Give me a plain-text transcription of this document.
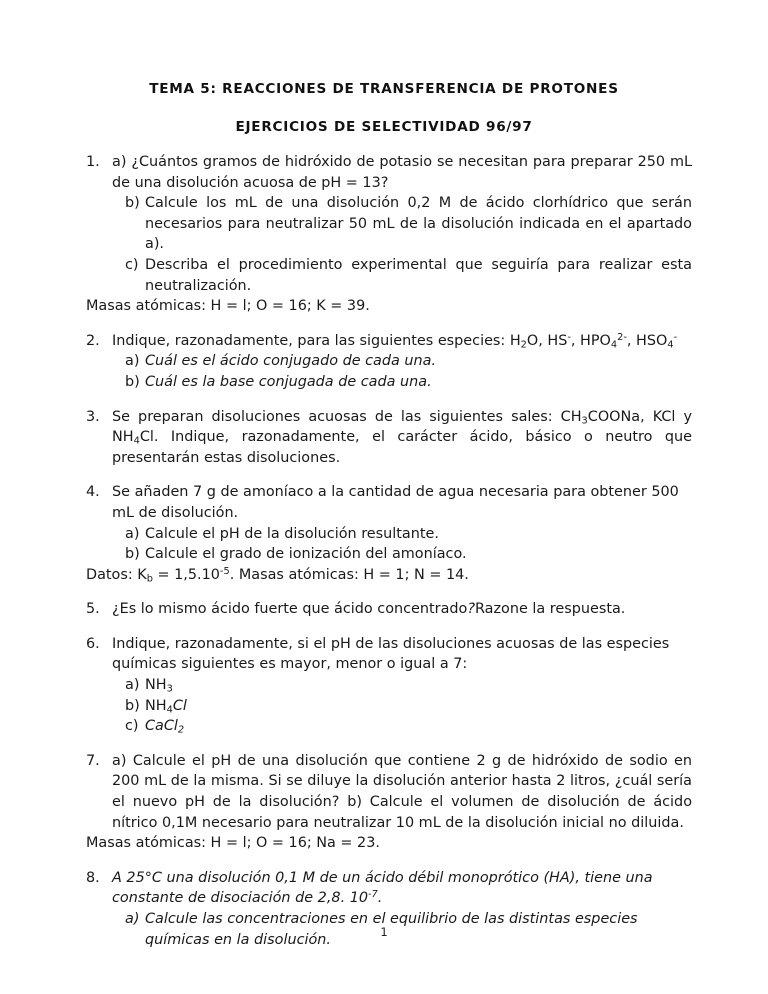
TEMA 5: REACCIONES DE TRANSFERENCIA DE PROTONES
EJERCICIOS DE SELECTIVIDAD 96/97
1. a) ¿Cuántos gramos de hidróxido de potasio se necesitan para preparar 250 mL de una disolución acuosa de pH = 13?

b) Calcule los mL de una disolución 0,2 M de ácido clorhídrico que serán necesarios para neutralizar 50 mL de la disolución indicada en el apartado a).
c) Describa el procedimiento experimental que seguiría para realizar esta neutralización.
Masas atómicas: H = l; O = 16; K = 39.
2. Indique, razonadamente, para las siguientes especies: $H_2O$, HS-, $HPO_4^{2-}$, $HSO_4^-$

a) Cuál es el ácido conjugado de cada una.
b) Cuál es la base conjugada de cada una.
3. Se preparan disoluciones acuosas de las siguientes sales: $CH_3COONa$, KCl y $NH_4Cl$. Indique, razonadamente, el carácter ácido, básico o neutro que presentarán estas disoluciones.

4. Se añaden 7 g de amoníaco a la cantidad de agua necesaria para obtener 500 mL de disolución.

a) Calcule el pH de la disolución resultante.
b) Calcule el grado de ionización del amoníaco.
Datos: $K_b = 1,5.10^{-5}$. Masas atómicas: H = 1; N = 14.
5. ¿Es lo mismo ácido fuerte que ácido concentrado?Razone la respuesta.

6. Indique, razonadamente, si el pH de las disoluciones acuosas de las especies químicas siguientes es mayor, menor o igual a 7:

a) $NH_3$
b) $NH_4Cl$
c) CaCl$_2$
7. a) Calcule el pH de una disolución que contiene 2 g de hidróxido de sodio en 200 mL de la misma. Si se diluye la disolución anterior hasta 2 litros, ¿cuál sería el nuevo pH de la disolución? b) Calcule el volumen de disolución de ácido nítrico 0,1M necesario para neutralizar 10 mL de la disolución inicial no diluida.

Masas atómicas: H = l; O = 16; Na = 23.
8. A 25°C una disolución 0,1 M de un ácido débil monoprótico (HA), tiene una constante de disociación de 2,8. $10^{-7}$.

a) Calcule las concentraciones en el equilibrio de las distintas especies químicas en la disolución.	1
